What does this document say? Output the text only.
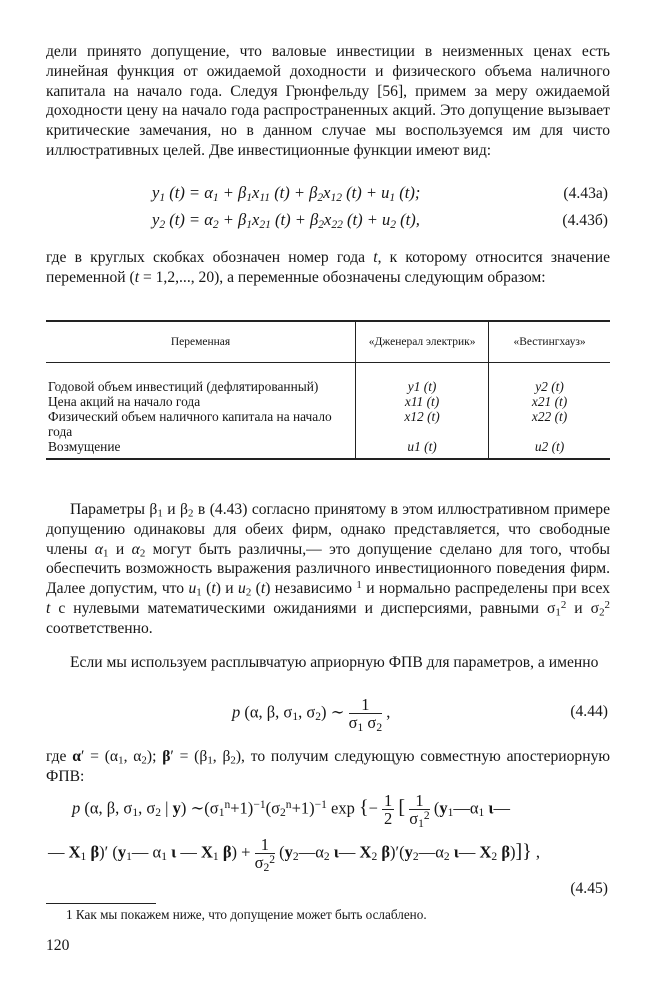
дели принято допущение, что валовые инвестиции в неизменных ценах есть линейная функция от ожидаемой доходности и физического объема наличного капитала на начало года. Следуя Грюнфельду [56], примем за меру ожидаемой доходности цену на начало года распространенных акций. Это допущение вызывает критические замечания, но в данном случае мы воспользуемся им для чисто иллюстративных целей. Две инвестиционные функции имеют вид:
$y_1$ $(t) = \alpha_1 + \beta_1x_{11}$ $(t) + \beta_2x_{12}$ $(t) + u_1$ (t);	(4.43а)
$y_2$ $(t) = \alpha_2 + \beta_1x_{21}$ $(t) + \beta_2x_{22}$ $(t) + u_2$ (t),	(4.43б)
где в круглых скобках обозначен номер года t, к которому относится значение переменной (t = 1,2,..., 20), а переменные обозначены следующим образом:
Переменная	«Дженерал электрик»	«Вестингхауз»
Годовой объем инвестиций (дефлятированный)	y1 (t)	y2 (t)
Цена акций на начало года	x11 (t)	x21 (t)
Физический объем наличного капитала на начало года	x12 (t)	x22 (t)
Возмущение	u1 (t)	u2 (t)
Параметры $\beta_1$ и $\beta_2$ в (4.43) согласно принятому в этом иллюстративном примере допущению одинаковы для обеих фирм, однако представляется, что свободные члены $\alpha_1$ и $\alpha_2$ могут быть различны,— это допущение сделано для того, чтобы обеспечить возможность выражения различного инвестиционного поведения фирм. Далее допустим, что $u_1$ (t) и $u_2$ (t) независимо $^1$ и нормально распределены при всех t с нулевыми математическими ожиданиями и дисперсиями, равными $\sigma_1^2$ и $\sigma_2^2$ соответственно.
Если мы используем расплывчатую априорную ФПВ для параметров, а именно
p (α, β, $\sigma_1$, $\sigma_2$) ∼ $\frac{1}{\sigma_1 \sigma_2}$ ,	(4.44)
где $\alpha' = (\alpha_1$, $\alpha_2$); $\beta' = (\beta_1$, $\beta_2$), то получим следующую совместную апостериорную ФПВ:
p (α, β, $\sigma_1$, $\sigma_2$ | y) $\sim(\sigma_1^n+1)^{-1}(\sigma_2^n+1)^{-1}$ exp {− $\frac{1}{2}$ [ $\frac{1}{\sigma_1^2}$ ($y_1—\alpha_1$ ι—
— $X_1$ β)′ ($y_1—$ $\alpha_1$ ι — $X_1$ $\beta) + \frac{1}{\sigma_2^2}$ ($y_2—\alpha_2$ ι— $X_2$ $\beta)'(y_2—\alpha_2$ ι— $X_2$ β)]} ,
(4.45)
1 Как мы покажем ниже, что допущение может быть ослаблено.
120
